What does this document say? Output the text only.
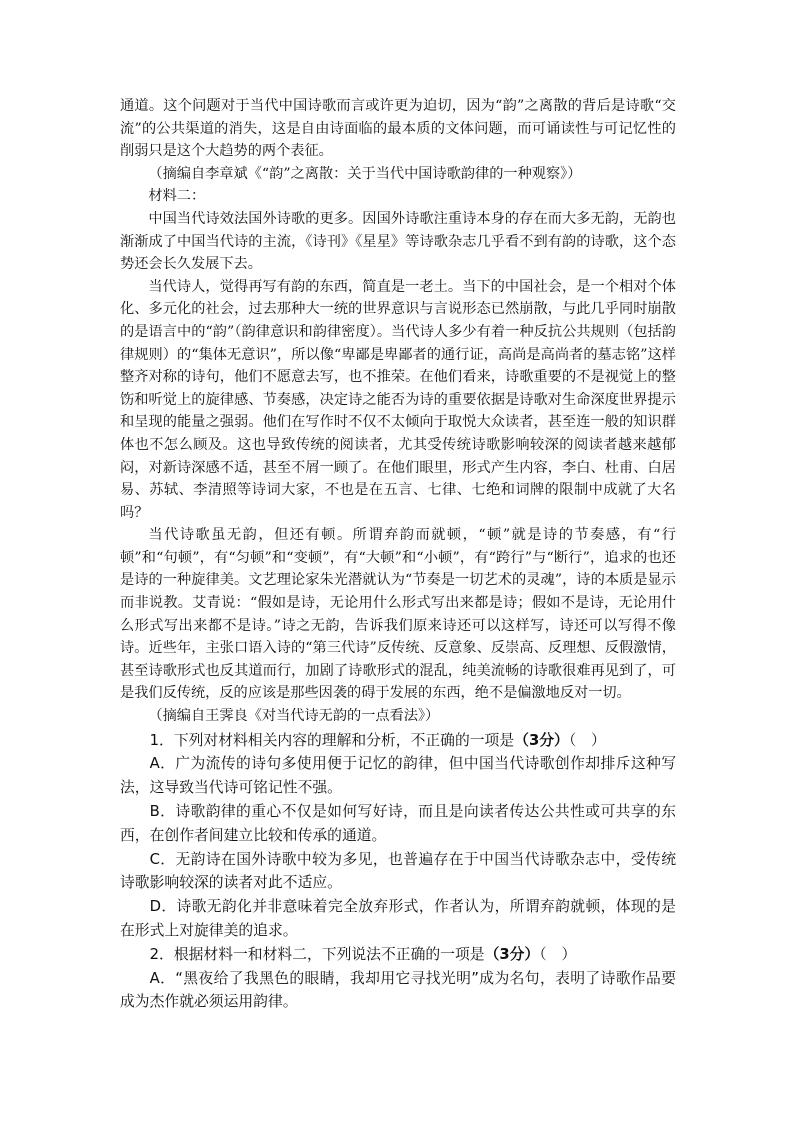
通道。这个问题对于当代中国诗歌而言或许更为迫切，因为“韵”之离散的背后是诗歌“交流”的公共渠道的消失，这是自由诗面临的最本质的文体问题，而可诵读性与可记忆性的削弱只是这个大趋势的两个表征。

（摘编自李章斌《“韵”之离散：关于当代中国诗歌韵律的一种观察》）

材料二：

中国当代诗效法国外诗歌的更多。因国外诗歌注重诗本身的存在而大多无韵，无韵也渐渐成了中国当代诗的主流，《诗刊》《星星》等诗歌杂志几乎看不到有韵的诗歌，这个态势还会长久发展下去。

当代诗人，觉得再写有韵的东西，简直是一老土。当下的中国社会，是一个相对个体化、多元化的社会，过去那种大一统的世界意识与言说形态已然崩散，与此几乎同时崩散的是语言中的“韵”（韵律意识和韵律密度）。当代诗人多少有着一种反抗公共规则（包括韵律规则）的“集体无意识”，所以像“卑鄙是卑鄙者的通行证，高尚是高尚者的墓志铭”这样整齐对称的诗句，他们不愿意去写，也不推荣。在他们看来，诗歌重要的不是视觉上的整饬和听觉上的旋律感、节奏感，决定诗之能否为诗的重要依据是诗歌对生命深度世界提示和呈现的能量之强弱。他们在写作时不仅不太倾向于取悦大众读者，甚至连一般的知识群体也不怎么顾及。这也导致传统的阅读者，尤其受传统诗歌影响较深的阅读者越来越郁闷，对新诗深感不适，甚至不屑一顾了。在他们眼里，形式产生内容，李白、杜甫、白居易、苏轼、李清照等诗词大家，不也是在五言、七律、七绝和词牌的限制中成就了大名吗？

当代诗歌虽无韵，但还有顿。所谓弃韵而就顿，“顿”就是诗的节奏感，有“行顿”和“句顿”，有“匀顿”和“变顿”，有“大顿”和“小顿”，有“跨行”与“断行”，追求的也还是诗的一种旋律美。文艺理论家朱光潜就认为“节奏是一切艺术的灵魂”，诗的本质是显示而非说教。艾青说：“假如是诗，无论用什么形式写出来都是诗；假如不是诗，无论用什么形式写出来都不是诗。”诗之无韵，告诉我们原来诗还可以这样写，诗还可以写得不像诗。近些年，主张口语入诗的“第三代诗”反传统、反意象、反崇高、反理想、反假激情，甚至诗歌形式也反其道而行，加剧了诗歌形式的混乱，纯美流畅的诗歌很难再见到了，可是我们反传统，反的应该是那些因袭的碍于发展的东西，绝不是偏激地反对一切。

（摘编自王霁良《对当代诗无韵的一点看法》）

1．下列对材料相关内容的理解和分析，不正确的一项是（3分）（　）

A．广为流传的诗句多使用便于记忆的韵律，但中国当代诗歌创作却排斥这种写法，这导致当代诗可铭记性不强。

B．诗歌韵律的重心不仅是如何写好诗，而且是向读者传达公共性或可共享的东西，在创作者间建立比较和传承的通道。

C．无韵诗在国外诗歌中较为多见，也普遍存在于中国当代诗歌杂志中，受传统诗歌影响较深的读者对此不适应。

D．诗歌无韵化并非意味着完全放弃形式，作者认为，所谓弃韵就顿，体现的是在形式上对旋律美的追求。

2．根据材料一和材料二，下列说法不正确的一项是（3分）（　）

A．“黑夜给了我黑色的眼睛，我却用它寻找光明”成为名句，表明了诗歌作品要成为杰作就必须运用韵律。
